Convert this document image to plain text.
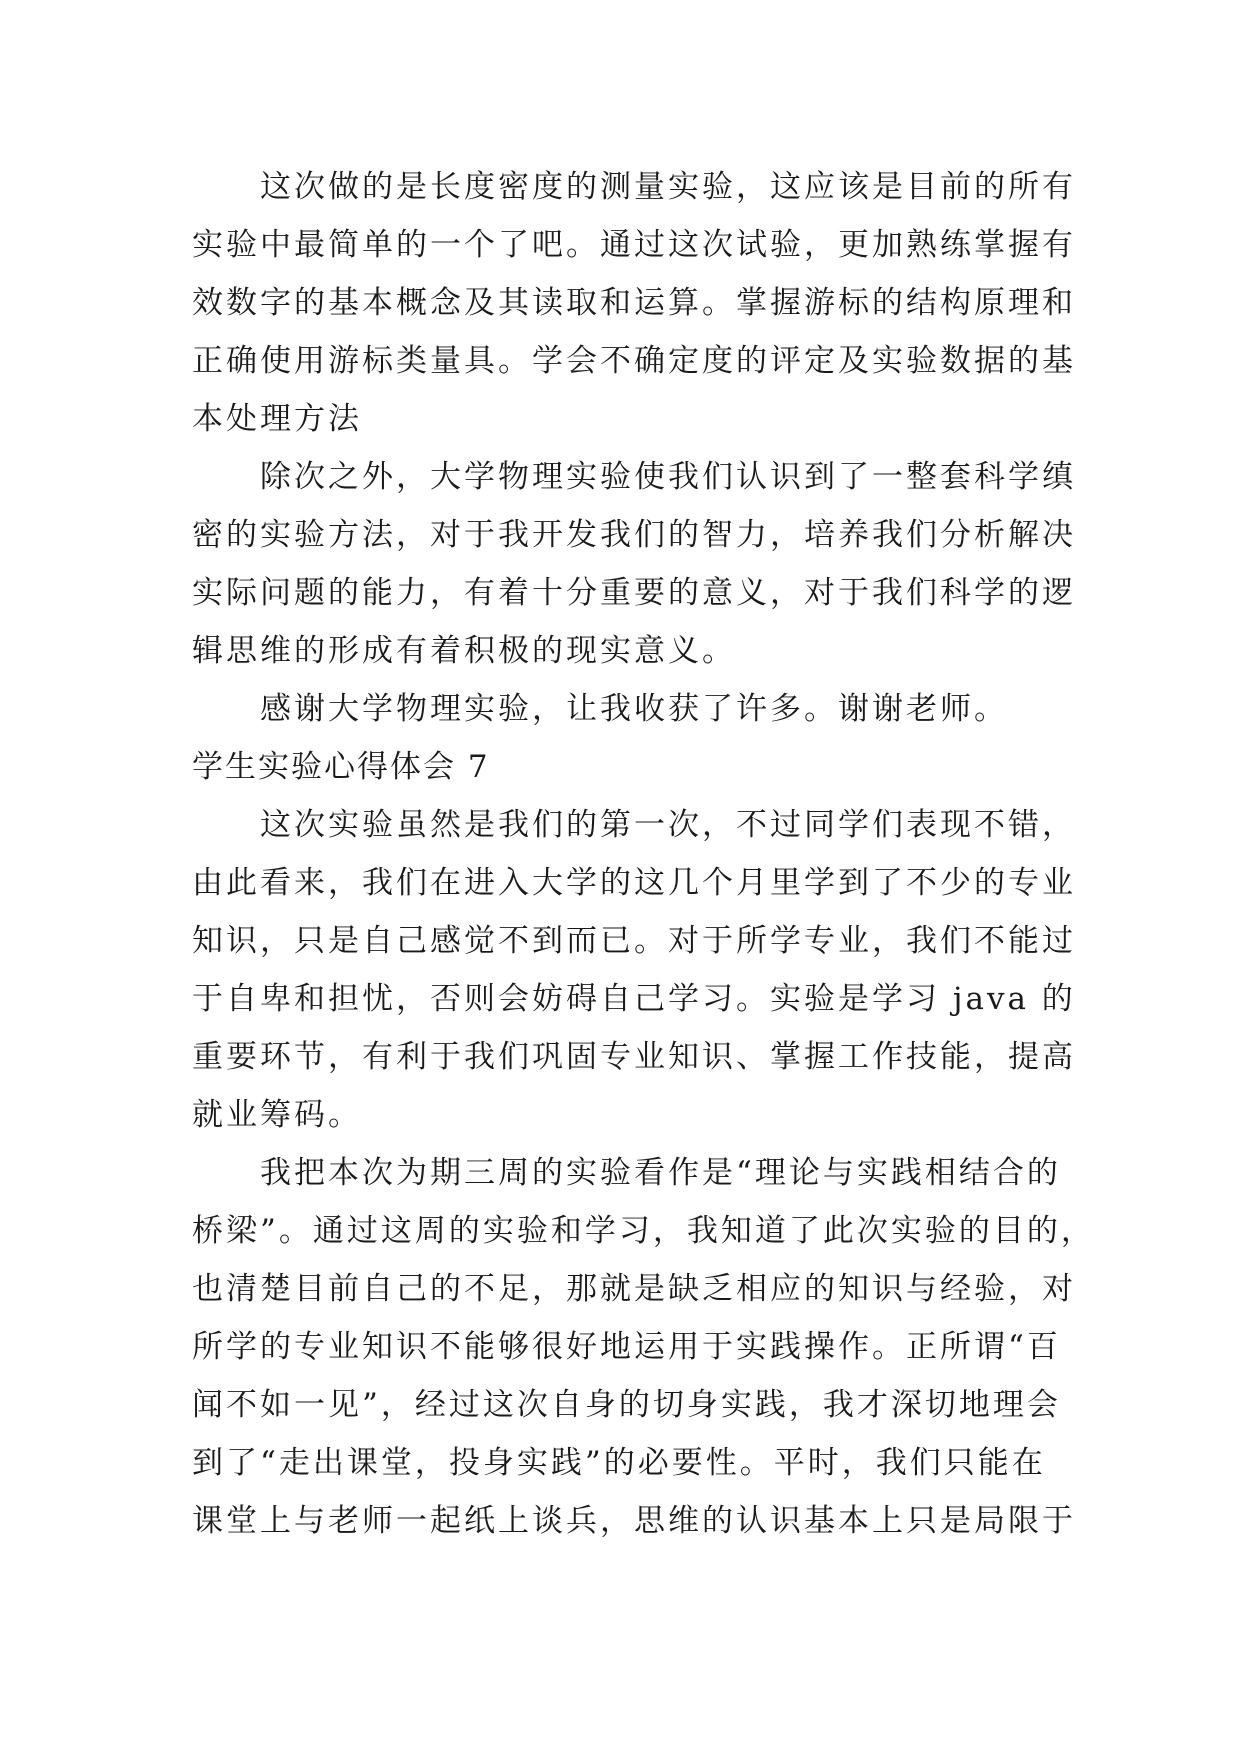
　　这次做的是长度密度的测量实验，这应该是目前的所有
实验中最简单的一个了吧。通过这次试验，更加熟练掌握有
效数字的基本概念及其读取和运算。掌握游标的结构原理和
正确使用游标类量具。学会不确定度的评定及实验数据的基
本处理方法
　　除次之外，大学物理实验使我们认识到了一整套科学缜
密的实验方法，对于我开发我们的智力，培养我们分析解决
实际问题的能力，有着十分重要的意义，对于我们科学的逻
辑思维的形成有着积极的现实意义。
　　感谢大学物理实验，让我收获了许多。谢谢老师。
学生实验心得体会 7
　　这次实验虽然是我们的第一次，不过同学们表现不错，
由此看来，我们在进入大学的这几个月里学到了不少的专业
知识，只是自己感觉不到而已。对于所学专业，我们不能过
于自卑和担忧，否则会妨碍自己学习。实验是学习 java 的
重要环节，有利于我们巩固专业知识、掌握工作技能，提高
就业筹码。
　　我把本次为期三周的实验看作是“理论与实践相结合的
桥梁”。通过这周的实验和学习，我知道了此次实验的目的，
也清楚目前自己的不足，那就是缺乏相应的知识与经验，对
所学的专业知识不能够很好地运用于实践操作。正所谓“百
闻不如一见”，经过这次自身的切身实践，我才深切地理会
到了“走出课堂，投身实践”的必要性。平时，我们只能在
课堂上与老师一起纸上谈兵，思维的认识基本上只是局限于
